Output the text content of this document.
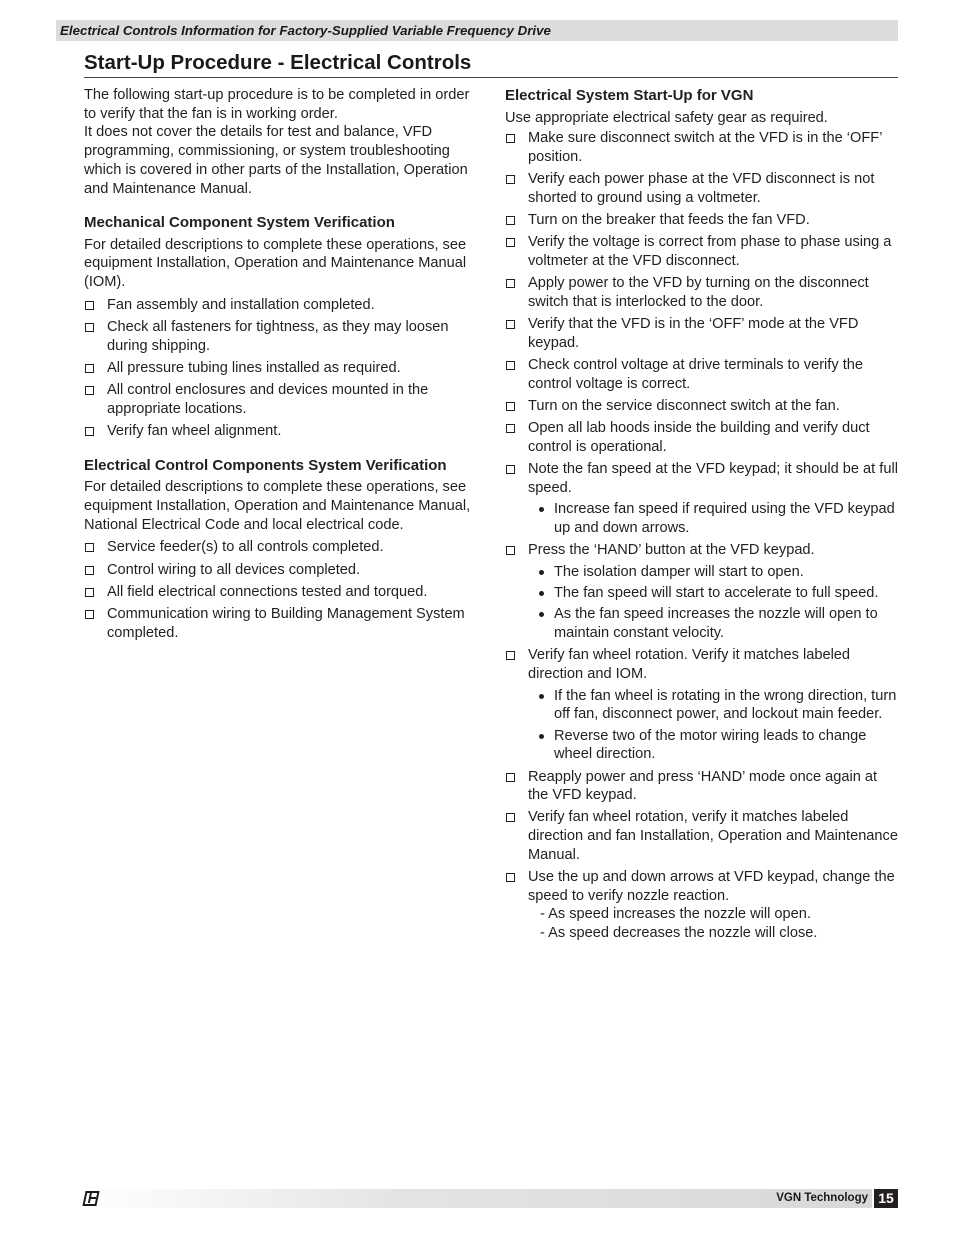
Electrical Controls Information for Factory-Supplied Variable Frequency Drive
Start-Up Procedure - Electrical Controls

The following start-up procedure is to be completed in order to verify that the fan is in working order.
It does not cover the details for test and balance, VFD programming, commissioning, or system troubleshooting which is covered in other parts of the Installation, Operation and Maintenance Manual.

Mechanical Component System Verification

For detailed descriptions to complete these operations, see equipment Installation, Operation and Maintenance Manual (IOM).

Fan assembly and installation completed.
Check all fasteners for tightness, as they may loosen during shipping.
All pressure tubing lines installed as required.
All control enclosures and devices mounted in the appropriate locations.
Verify fan wheel alignment.
Electrical Control Components System Verification

For detailed descriptions to complete these operations, see equipment Installation, Operation and Maintenance Manual, National Electrical Code and local electrical code.

Service feeder(s) to all controls completed.
Control wiring to all devices completed.
All field electrical connections tested and torqued.
Communication wiring to Building Management System completed.
Electrical System Start-Up for VGN

Use appropriate electrical safety gear as required.

Make sure disconnect switch at the VFD is in the ‘OFF’ position.
Verify each power phase at the VFD disconnect is not shorted to ground using a voltmeter.
Turn on the breaker that feeds the fan VFD.
Verify the voltage is correct from phase to phase using a voltmeter at the VFD disconnect.
Apply power to the VFD by turning on the disconnect switch that is interlocked to the door.
Verify that the VFD is in the ‘OFF’ mode at the VFD keypad.
Check control voltage at drive terminals to verify the control voltage is correct.
Turn on the service disconnect switch at the fan.
Open all lab hoods inside the building and verify duct control is operational.
Note the fan speed at the VFD keypad; it should be at full speed.
Increase fan speed if required using the VFD keypad up and down arrows.
Press the ‘HAND’ button at the VFD keypad.
The isolation damper will start to open.
The fan speed will start to accelerate to full speed.
As the fan speed increases the nozzle will open to maintain constant velocity.
Verify fan wheel rotation. Verify it matches labeled direction and IOM.
If the fan wheel is rotating in the wrong direction, turn off fan, disconnect power, and lockout main feeder.
Reverse two of the motor wiring leads to change wheel direction.
Reapply power and press ‘HAND’ mode once again at the VFD keypad.
Verify fan wheel rotation, verify it matches labeled direction and fan Installation, Operation and Maintenance Manual.
Use the up and down arrows at VFD keypad, change the speed to verify nozzle reaction.
- As speed increases the nozzle will open.
- As speed decreases the nozzle will close.
VGN Technology 15
